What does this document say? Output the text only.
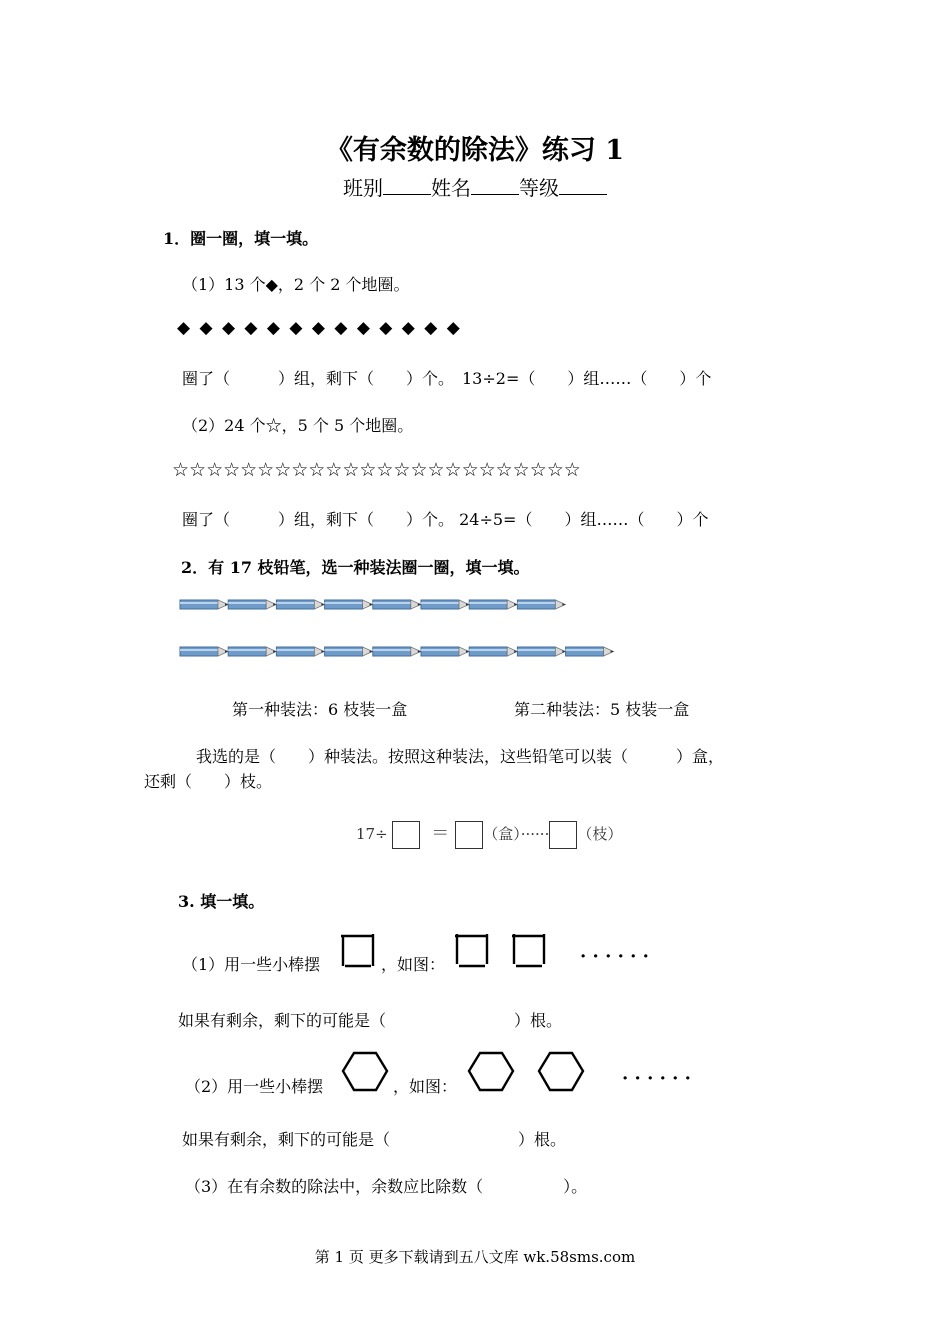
《有余数的除法》练习 1
班别 姓名 等级
1．圈一圈，填一填。
（1）13 个◆，2 个 2 个地圈。
◆ ◆ ◆ ◆ ◆ ◆ ◆ ◆ ◆ ◆ ◆ ◆ ◆
圈了（　　　）组，剩下（　　）个。　13÷2=（　　）组……（　　）个
（2）24 个☆，5 个 5 个地圈。
☆☆☆☆☆☆☆☆☆☆☆☆☆☆☆☆☆☆☆☆☆☆☆☆
圈了（　　　）组，剩下（　　）个。 24÷5=（　　）组……（　　）个
2．有 17 枝铅笔，选一种装法圈一圈，填一填。
第一种装法：6 枝装一盒	第二种装法：5 枝装一盒
我选的是（　　）种装法。按照这种装法，这些铅笔可以装（　　　）盒，
还剩（　　）枝。
17÷ ＝ （盒）······ （枝）
3. 填一填。
（1）用一些小棒摆	，如图：	· · · · · ·
如果有剩余，剩下的可能是（　　　　　　　　）根。
（2）用一些小棒摆	，如图：	· · · · · ·
如果有剩余，剩下的可能是（　　　　　　　　）根。
（3）在有余数的除法中，余数应比除数（　　　　　）。
第 1 页 更多下载请到五八文库 wk.58sms.com
